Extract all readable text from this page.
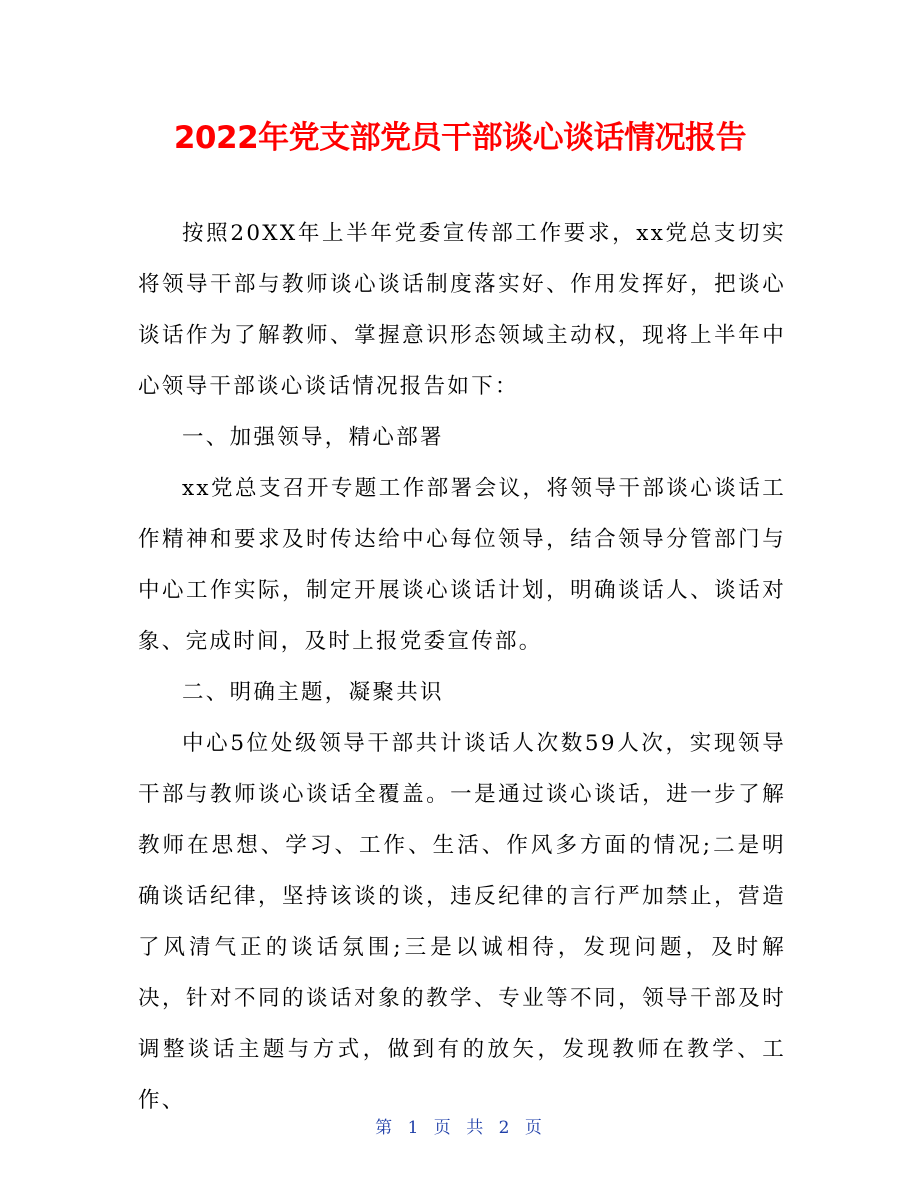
2022年党支部党员干部谈心谈话情况报告

按照20XX年上半年党委宣传部工作要求，xx党总支切实将领导干部与教师谈心谈话制度落实好、作用发挥好，把谈心谈话作为了解教师、掌握意识形态领域主动权，现将上半年中心领导干部谈心谈话情况报告如下：

一、加强领导，精心部署

xx党总支召开专题工作部署会议，将领导干部谈心谈话工作精神和要求及时传达给中心每位领导，结合领导分管部门与中心工作实际，制定开展谈心谈话计划，明确谈话人、谈话对象、完成时间，及时上报党委宣传部。

二、明确主题，凝聚共识

中心5位处级领导干部共计谈话人次数59人次，实现领导干部与教师谈心谈话全覆盖。一是通过谈心谈话，进一步了解教师在思想、学习、工作、生活、作风多方面的情况;二是明确谈话纪律，坚持该谈的谈，违反纪律的言行严加禁止，营造了风清气正的谈话氛围;三是以诚相待，发现问题，及时解决，针对不同的谈话对象的教学、专业等不同，领导干部及时调整谈话主题与方式，做到有的放矢，发现教师在教学、工作、

第 1 页 共 2 页
